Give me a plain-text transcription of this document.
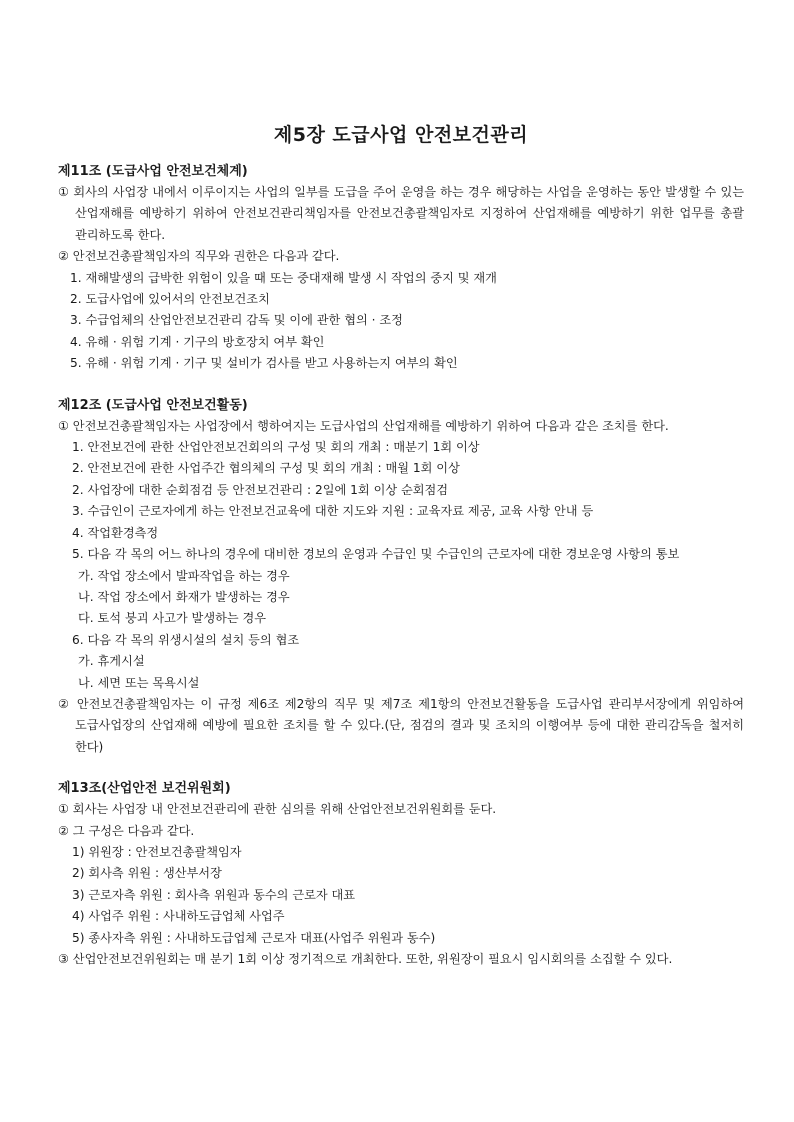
제5장 도급사업 안전보건관리

제11조 (도급사업 안전보건체계)

① 회사의 사업장 내에서 이루이지는 사업의 일부를 도급을 주어 운영을 하는 경우 해당하는 사업을 운영하는 동안 발생할 수 있는 산업재해를 예방하기 위하여 안전보건관리책임자를 안전보건총괄책임자로 지정하여 산업재해를 예방하기 위한 업무를 총괄 관리하도록 한다.

② 안전보건총괄책임자의 직무와 권한은 다음과 같다.

1. 재해발생의 급박한 위험이 있을 때 또는 중대재해 발생 시 작업의 중지 및 재개

2. 도급사업에 있어서의 안전보건조치

3. 수급업체의 산업안전보건관리 감독 및 이에 관한 협의 · 조정

4. 유해 · 위험 기계 · 기구의 방호장치 여부 확인

5. 유해 · 위험 기계 · 기구 및 설비가 검사를 받고 사용하는지 여부의 확인

제12조 (도급사업 안전보건활동)

① 안전보건총괄책임자는 사업장에서 행하여지는 도급사업의 산업재해를 예방하기 위하여 다음과 같은 조치를 한다.

1. 안전보건에 관한 산업안전보건회의의 구성 및 회의 개최 : 매분기 1회 이상

2. 안전보건에 관한 사업주간 협의체의 구성 및 회의 개최 : 매월 1회 이상

2. 사업장에 대한 순회점검 등 안전보건관리 : 2일에 1회 이상 순회점검

3. 수급인이 근로자에게 하는 안전보건교육에 대한 지도와 지원 : 교육자료 제공, 교육 사항 안내 등

4. 작업환경측정

5. 다음 각 목의 어느 하나의 경우에 대비한 경보의 운영과 수급인 및 수급인의 근로자에 대한 경보운영 사항의 통보

가. 작업 장소에서 발파작업을 하는 경우

나. 작업 장소에서 화재가 발생하는 경우

다. 토석 붕괴 사고가 발생하는 경우

6. 다음 각 목의 위생시설의 설치 등의 협조

가. 휴게시설

나. 세면 또는 목욕시설

② 안전보건총괄책임자는 이 규정 제6조 제2항의 직무 및 제7조 제1항의 안전보건활동을 도급사업 관리부서장에게 위임하여 도급사업장의 산업재해 예방에 필요한 조치를 할 수 있다.(단, 점검의 결과 및 조치의 이행여부 등에 대한 관리감독을 철저히 한다)

제13조(산업안전 보건위원회)

① 회사는 사업장 내 안전보건관리에 관한 심의를 위해 산업안전보건위원회를 둔다.

② 그 구성은 다음과 같다.

1) 위원장 : 안전보건총괄책임자

2) 회사측 위원 : 생산부서장

3) 근로자측 위원 : 회사측 위원과 동수의 근로자 대표

4) 사업주 위원 : 사내하도급업체 사업주

5) 종사자측 위원 : 사내하도급업체 근로자 대표(사업주 위원과 동수)

③ 산업안전보건위원회는 매 분기 1회 이상 정기적으로 개최한다. 또한, 위원장이 필요시 임시회의를 소집할 수 있다.
